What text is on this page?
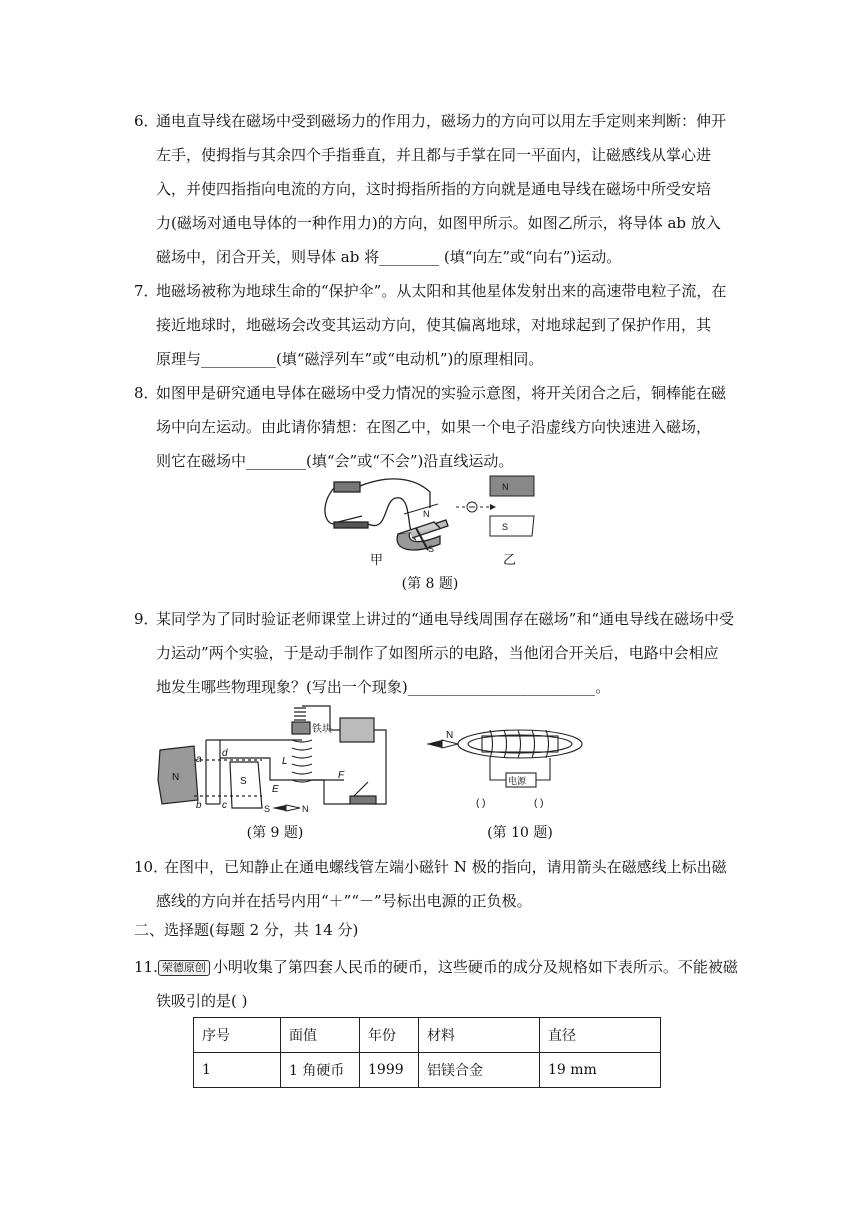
6．
通电直导线在磁场中受到磁场力的作用力，磁场力的方向可以用左手定则来判断：伸开
左手，使拇指与其余四个手指垂直，并且都与手掌在同一平面内，让磁感线从掌心进
入，并使四指指向电流的方向，这时拇指所指的方向就是通电导线在磁场中所受安培
力(磁场对通电导体的一种作用力)的方向，如图甲所示。如图乙所示，将导体 ab 放入
磁场中，闭合开关，则导体 ab 将________ (填“向左”或“向右”)运动。
7．
地磁场被称为地球生命的“保护伞”。从太阳和其他星体发射出来的高速带电粒子流，在
接近地球时，地磁场会改变其运动方向，使其偏离地球，对地球起到了保护作用，其
原理与__________(填“磁浮列车”或“电动机”)的原理相同。
8．
如图甲是研究通电导体在磁场中受力情况的实验示意图，将开关闭合之后，铜棒能在磁
场中向左运动。由此请你猜想：在图乙中，如果一个电子沿虚线方向快速进入磁场，
则它在磁场中________(填“会”或“不会”)沿直线运动。
N
S
甲
N
S
乙
(第 8 题)
9．
某同学为了同时验证老师课堂上讲过的“通电导线周围存在磁场”和“通电导线在磁场中受
力运动”两个实验，于是动手制作了如图所示的电路，当他闭合开关后，电路中会相应
地发生哪些物理现象？(写出一个现象)_________________________。
铁块
N	S
a
b c
d
L
E
F
S	N
(第 9 题)
N
电源
( )	( )
(第 10 题)
10．
在图中，已知静止在通电螺线管左端小磁针 N 极的指向，请用箭头在磁感线上标出磁
感线的方向并在括号内用“＋”“－”号标出电源的正负极。
二、选择题(每题 2 分，共 14 分)
11. 荣德原创 小明收集了第四套人民币的硬币，这些硬币的成分及规格如下表所示。不能被磁
铁吸引的是( )
序号	面值	年份	材料	直径
1	1 角硬币	1999	铝镁合金	19 mm
